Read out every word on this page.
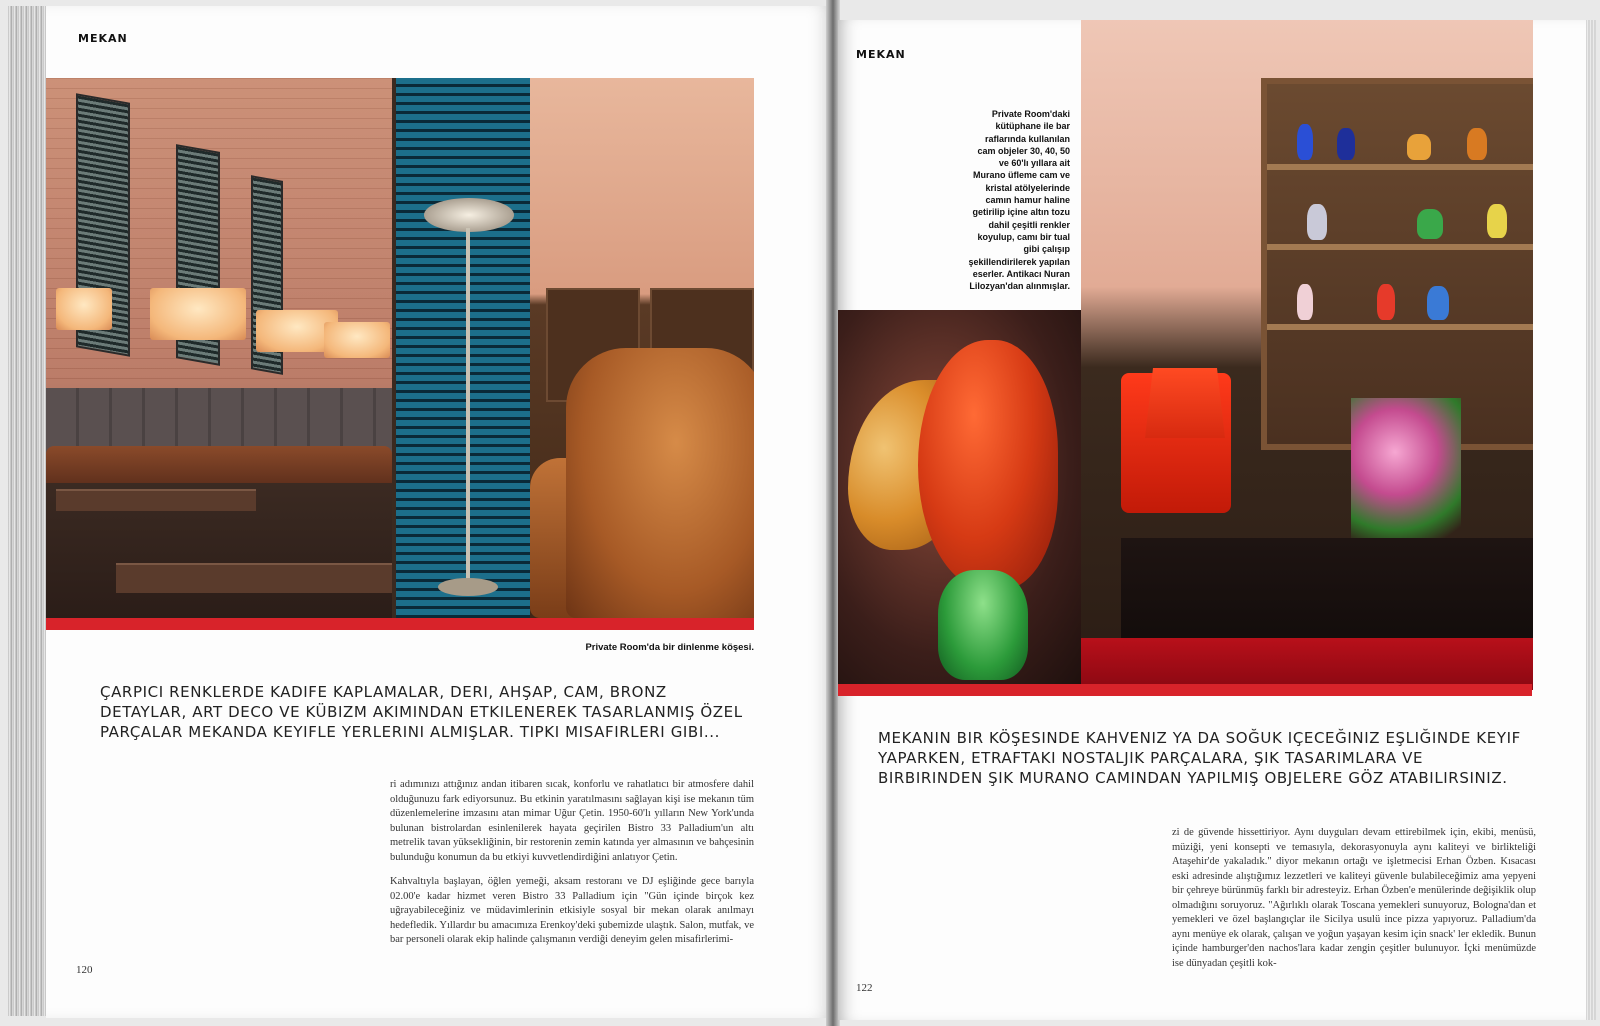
MEKAN
Private Room'da bir dinlenme köşesi.
ÇARPICI RENKLERDE KADIFE KAPLAMALAR, DERI, AHŞAP, CAM, BRONZ DETAYLAR, ART DECO VE KÜBIZM AKIMINDAN ETKILENEREK TASARLANMIŞ ÖZEL PARÇALAR MEKANDA KEYIFLE YERLERINI ALMIŞLAR. TIPKI MISAFIRLERI GIBI...

ri adımınızı attığınız andan itibaren sıcak, konforlu ve rahatlatıcı bir atmosfere dahil olduğunuzu fark ediyorsunuz. Bu etkinin yaratılmasını sağlayan kişi ise mekanın tüm düzenlemelerine imzasını atan mimar Uğur Çetin. 1950-60'lı yılların New York'unda bulunan bistrolardan esinlenilerek hayata geçirilen Bistro 33 Palladium'un altı metrelik tavan yüksekliğinin, bir restorenin zemin katında yer almasının ve bahçesinin bulunduğu konumun da bu etkiyi kuvvetlendirdiğini anlatıyor Çetin.

Kahvaltıyla başlayan, öğlen yemeği, aksam restoranı ve DJ eşliğinde gece barıyla 02.00'e kadar hizmet veren Bistro 33 Palladium için "Gün içinde birçok kez uğrayabileceğiniz ve müdavimlerinin etkisiyle sosyal bir mekan olarak anılmayı hedefledik. Yıllardır bu amacımıza Erenkoy'deki şubemizde ulaştık. Salon, mutfak, ve bar personeli olarak ekip halinde çalışmanın verdiği deneyim gelen misafirlerimi-

120
MEKAN
Private Room'daki kütüphane ile bar raflarında kullanılan cam objeler 30, 40, 50 ve 60'lı yıllara ait Murano üfleme cam ve kristal atölyelerinde camın hamur haline getirilip içine altın tozu dahil çeşitli renkler koyulup, camı bir tual gibi çalışıp şekillendirilerek yapılan eserler. Antikacı Nuran Lilozyan'dan alınmışlar.
MEKANIN BIR KÖŞESINDE KAHVENIZ YA DA SOĞUK IÇECEĞINIZ EŞLIĞINDE KEYIF YAPARKEN, ETRAFTAKI NOSTALJIK PARÇALARA, ŞIK TASARIMLARA VE BIRBIRINDEN ŞIK MURANO CAMINDAN YAPILMIŞ OBJELERE GÖZ ATABILIRSINIZ.

zi de güvende hissettiriyor. Aynı duyguları devam ettirebilmek için, ekibi, menüsü, müziği, yeni konsepti ve temasıyla, dekorasyonuyla aynı kaliteyi ve birlikteliği Ataşehir'de yakaladık." diyor mekanın ortağı ve işletmecisi Erhan Özben. Kısacası eski adresinde alıştığımız lezzetleri ve kaliteyi güvenle bulabileceğimiz ama yepyeni bir çehreye bürünmüş farklı bir adresteyiz. Erhan Özben'e menülerinde değişiklik olup olmadığını soruyoruz. "Ağırlıklı olarak Toscana yemekleri sunuyoruz, Bologna'dan et yemekleri ve özel başlangıçlar ile Sicilya usulü ince pizza yapıyoruz. Palladium'da aynı menüye ek olarak, çalışan ve yoğun yaşayan kesim için snack' ler ekledik. Bunun içinde hamburger'den nachos'lara kadar zengin çeşitler bulunuyor. İçki menümüzde ise dünyadan çeşitli kok-

122
